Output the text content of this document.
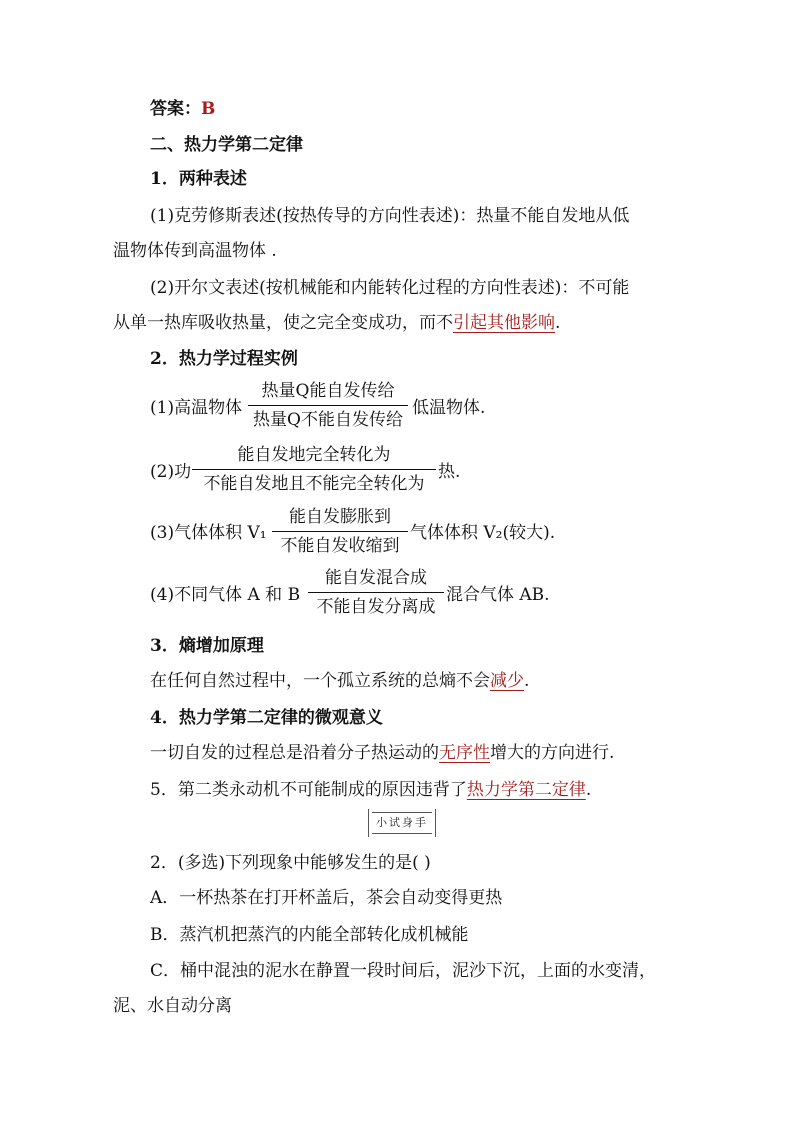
答案：B
二、热力学第二定律
1．两种表述
(1)克劳修斯表述(按热传导的方向性表述)：热量不能自发地从低
温物体传到高温物体 .
(2)开尔文表述(按机械能和内能转化过程的方向性表述)：不可能
从单一热库吸收热量，使之完全变成功，而不引起其他影响.
2．热力学过程实例
(1)高温物体
热量Q能自发传给
热量Q不能自发传给
低温物体.
(2)功
能自发地完全转化为
不能自发地且不能完全转化为
热.
(3)气体体积 V₁
能自发膨胀到
不能自发收缩到
气体体积 V₂(较大).
(4)不同气体 A 和 B
能自发混合成
不能自发分离成
混合气体 AB.
3．熵增加原理
在任何自然过程中，一个孤立系统的总熵不会减少.
4．热力学第二定律的微观意义
一切自发的过程总是沿着分子热运动的无序性增大的方向进行.
5．第二类永动机不可能制成的原因违背了热力学第二定律.
小试身手
2．(多选)下列现象中能够发生的是( )
A．一杯热茶在打开杯盖后，茶会自动变得更热
B．蒸汽机把蒸汽的内能全部转化成机械能
C．桶中混浊的泥水在静置一段时间后，泥沙下沉，上面的水变清，
泥、水自动分离
